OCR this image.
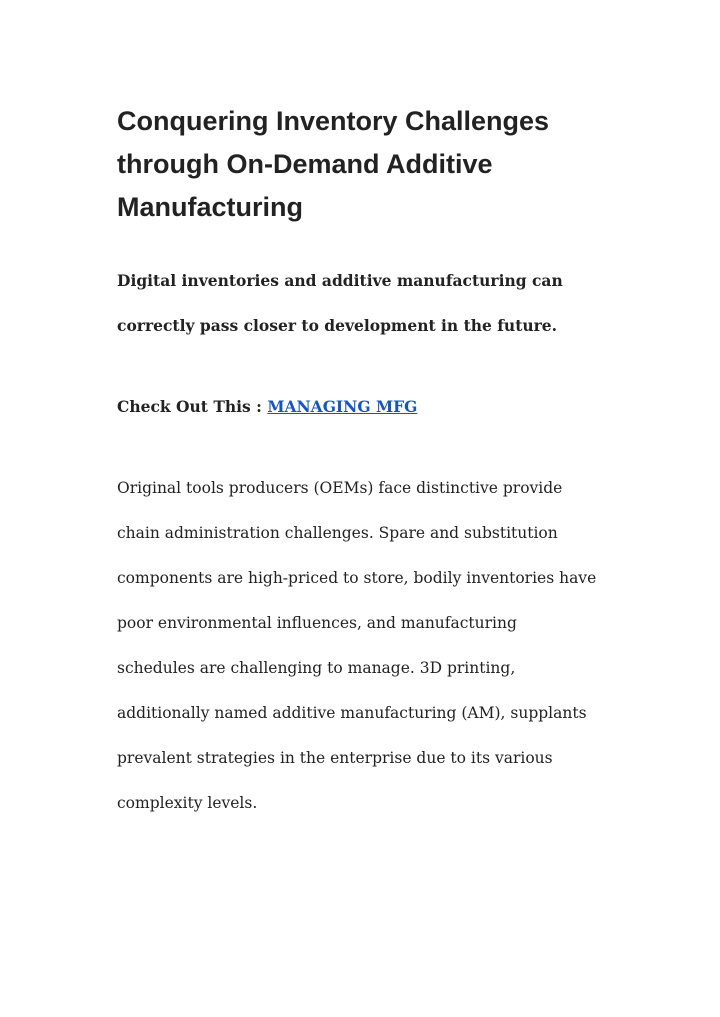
Conquering Inventory Challenges
through On-Demand Additive
Manufacturing

Digital inventories and additive manufacturing can
correctly pass closer to development in the future.

Check Out This : MANAGING MFG

Original tools producers (OEMs) face distinctive provide
chain administration challenges. Spare and substitution
components are high-priced to store, bodily inventories have
poor environmental influences, and manufacturing
schedules are challenging to manage. 3D printing,
additionally named additive manufacturing (AM), supplants
prevalent strategies in the enterprise due to its various
complexity levels.
